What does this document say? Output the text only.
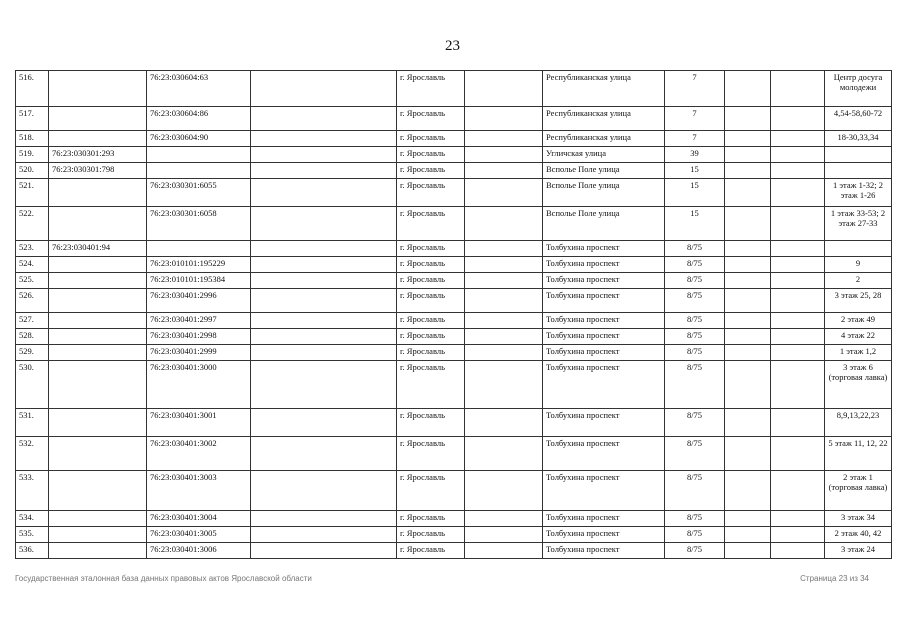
23
516.		76:23:030604:63		г. Ярославль		Республиканская улица	7			Центр досуга молодежи
517.		76:23:030604:86		г. Ярославль		Республиканская улица	7			4,54-58,60-72
518.		76:23:030604:90		г. Ярославль		Республиканская улица	7			18-30,33,34
519.	76:23:030301:293			г. Ярославль		Угличская улица	39			
520.	76:23:030301:798			г. Ярославль		Всполье Поле улица	15			
521.		76:23:030301:6055		г. Ярославль		Всполье Поле улица	15			1 этаж 1-32; 2 этаж 1-26
522.		76:23:030301:6058		г. Ярославль		Всполье Поле улица	15			1 этаж 33-53; 2 этаж 27-33
523.	76:23:030401:94			г. Ярославль		Толбухина проспект	8/75			
524.		76:23:010101:195229		г. Ярославль		Толбухина проспект	8/75			9
525.		76:23:010101:195384		г. Ярославль		Толбухина проспект	8/75			2
526.		76:23:030401:2996		г. Ярославль		Толбухина проспект	8/75			3 этаж 25, 28
527.		76:23:030401:2997		г. Ярославль		Толбухина проспект	8/75			2 этаж 49
528.		76:23:030401:2998		г. Ярославль		Толбухина проспект	8/75			4 этаж 22
529.		76:23:030401:2999		г. Ярославль		Толбухина проспект	8/75			1 этаж 1,2
530.		76:23:030401:3000		г. Ярославль		Толбухина проспект	8/75			3 этаж 6 (торговая лавка)
531.		76:23:030401:3001		г. Ярославль		Толбухина проспект	8/75			8,9,13,22,23
532.		76:23:030401:3002		г. Ярославль		Толбухина проспект	8/75			5 этаж 11, 12, 22
533.		76:23:030401:3003		г. Ярославль		Толбухина проспект	8/75			2 этаж 1 (торговая лавка)
534.		76:23:030401:3004		г. Ярославль		Толбухина проспект	8/75			3 этаж 34
535.		76:23:030401:3005		г. Ярославль		Толбухина проспект	8/75			2 этаж 40, 42
536.		76:23:030401:3006		г. Ярославль		Толбухина проспект	8/75			3 этаж 24
Государственная эталонная база данных правовых актов Ярославской области	Страница 23 из 34
